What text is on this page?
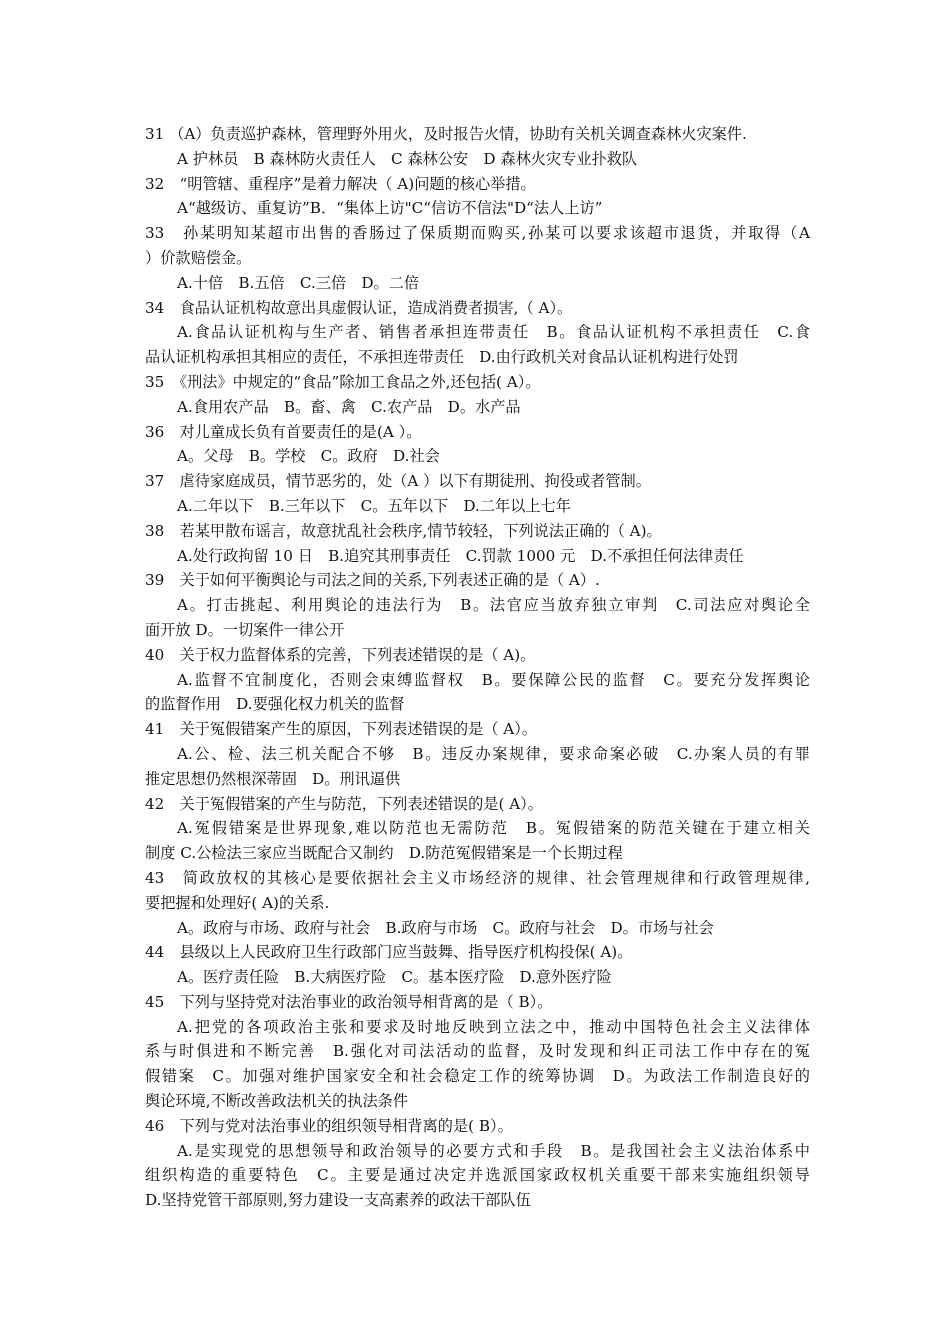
31 （A）负责巡护森林，管理野外用火，及时报告火情，协助有关机关调查森林火灾案件.
A 护林员　B 森林防火责任人　C 森林公安　D 森林火灾专业扑救队
32　“明管辖、重程序”是着力解决（ A)问题的核心举措。
A“越级访、重复访”B．“集体上访"C“信访不信法"D“法人上访”
33　孙某明知某超市出售的香肠过了保质期而购买,孙某可以要求该超市退货，并取得（A
）价款赔偿金。
A.十倍　B.五倍　C.三倍　D。二倍
34　食品认证机构故意出具虚假认证，造成消费者损害,（ A）。
A.食品认证机构与生产者、销售者承担连带责任　B。食品认证机构不承担责任　C.食
品认证机构承担其相应的责任，不承担连带责任　D.由行政机关对食品认证机构进行处罚
35　《刑法》中规定的“食品”除加工食品之外,还包括( A）。
A.食用农产品　B。畜、禽　C.农产品　D。水产品
36　对儿童成长负有首要责任的是(A ）。
A。父母　B。学校　C。政府　D.社会
37　虐待家庭成员，情节恶劣的，处（A ）以下有期徒刑、拘役或者管制。
A.二年以下　B.三年以下　C。五年以下　D.二年以上七年
38　若某甲散布谣言，故意扰乱社会秩序,情节较轻，下列说法正确的（ A)。
A.处行政拘留 10 日　B.追究其刑事责任　C.罚款 1000 元　D.不承担任何法律责任
39　关于如何平衡舆论与司法之间的关系,下列表述正确的是（ A）.
A。打击挑起、利用舆论的违法行为　B。法官应当放弃独立审判　C.司法应对舆论全
面开放 D。一切案件一律公开
40　关于权力监督体系的完善，下列表述错误的是（ A)。
A.监督不宜制度化，否则会束缚监督权　B。要保障公民的监督　C。要充分发挥舆论
的监督作用　D.要强化权力机关的监督
41　关于冤假错案产生的原因，下列表述错误的是（ A）。
A.公、检、法三机关配合不够　B。违反办案规律，要求命案必破　C.办案人员的有罪
推定思想仍然根深蒂固　D。刑讯逼供
42　关于冤假错案的产生与防范，下列表述错误的是( A）。
A.冤假错案是世界现象,难以防范也无需防范　B。冤假错案的防范关键在于建立相关
制度 C.公检法三家应当既配合又制约　D.防范冤假错案是一个长期过程
43　简政放权的其核心是要依据社会主义市场经济的规律、社会管理规律和行政管理规律,
要把握和处理好( A)的关系.
A。政府与市场、政府与社会　B.政府与市场　C。政府与社会　D。市场与社会
44　县级以上人民政府卫生行政部门应当鼓舞、指导医疗机构投保( A)。
A。医疗责任险　B.大病医疗险　C。基本医疗险　D.意外医疗险
45　下列与坚持党对法治事业的政治领导相背离的是（ B）。
A.把党的各项政治主张和要求及时地反映到立法之中，推动中国特色社会主义法律体
系与时俱进和不断完善　B.强化对司法活动的监督，及时发现和纠正司法工作中存在的冤
假错案　C。加强对维护国家安全和社会稳定工作的统筹协调　D。为政法工作制造良好的
舆论环境,不断改善政法机关的执法条件
46　下列与党对法治事业的组织领导相背离的是( B）。
A.是实现党的思想领导和政治领导的必要方式和手段　B。是我国社会主义法治体系中
组织构造的重要特色　C。主要是通过决定并选派国家政权机关重要干部来实施组织领导
D.坚持党管干部原则,努力建设一支高素养的政法干部队伍
